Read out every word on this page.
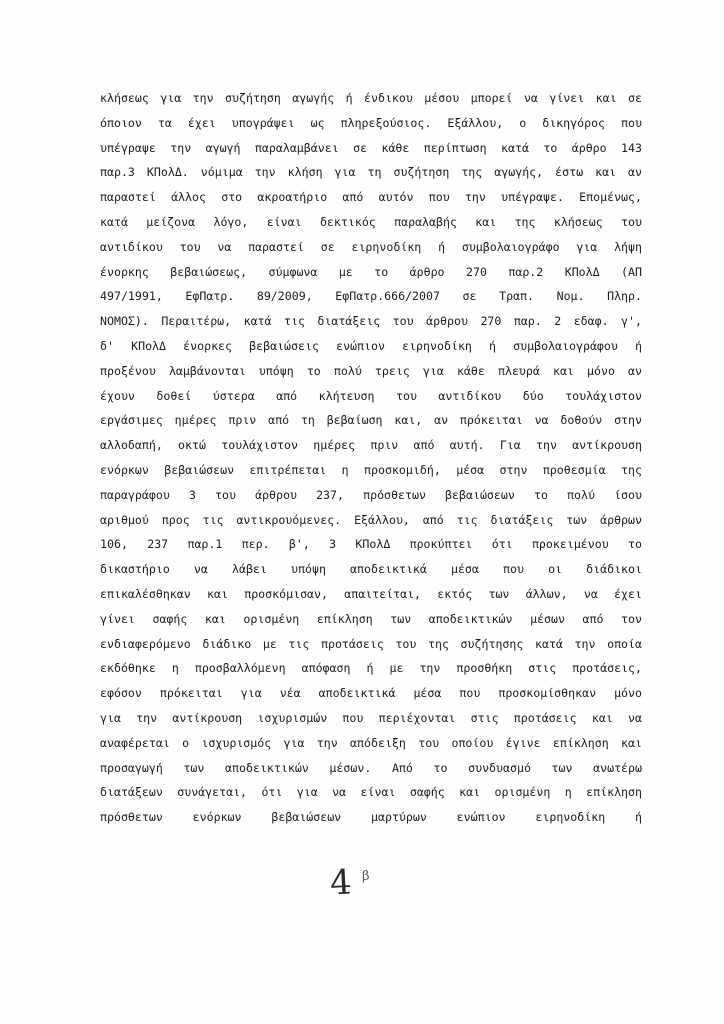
κλήσεως για την συζήτηση αγωγής ή ένδικου μέσου μπορεί να γίνει και σε
όποιον τα έχει υπογράψει ως πληρεξούσιος. Εξάλλου, ο δικηγόρος που
υπέγραψε την αγωγή παραλαμβάνει σε κάθε περίπτωση κατά το άρθρο 143
παρ.3 ΚΠολΔ. νόμιμα την κλήση για τη συζήτηση της αγωγής, έστω και αν
παραστεί άλλος στο ακροατήριο από αυτόν που την υπέγραψε. Επομένως,
κατά μείζονα λόγο, είναι δεκτικός παραλαβής και της κλήσεως του
αντιδίκου του να παραστεί σε ειρηνοδίκη ή συμβολαιογράφο για λήψη
ένορκης βεβαιώσεως, σύμφωνα με το άρθρο 270 παρ.2 ΚΠολΔ (ΑΠ
497/1991, ΕφΠατρ. 89/2009, ΕφΠατρ.666/2007 σε Τραπ. Νομ. Πληρ.
ΝΟΜΟΣ). Περαιτέρω, κατά τις διατάξεις του άρθρου 270 παρ. 2 εδαφ. γ',
δ' ΚΠολΔ ένορκες βεβαιώσεις ενώπιον ειρηνοδίκη ή συμβολαιογράφου ή
προξένου λαμβάνονται υπόψη το πολύ τρεις για κάθε πλευρά και μόνο αν
έχουν δοθεί ύστερα από κλήτευση του αντιδίκου δύο τουλάχιστον
εργάσιμες ημέρες πριν από τη βεβαίωση και, αν πρόκειται να δοθούν στην
αλλοδαπή, οκτώ τουλάχιστον ημέρες πριν από αυτή. Για την αντίκρουση
ενόρκων βεβαιώσεων επιτρέπεται η προσκομιδή, μέσα στην προθεσμία της
παραγράφου 3 του άρθρου 237, πρόσθετων βεβαιώσεων το πολύ ίσου
αριθμού προς τις αντικρουόμενες. Εξάλλου, από τις διατάξεις των άρθρων
106, 237 παρ.1 περ. β', 3 ΚΠολΔ προκύπτει ότι προκειμένου το
δικαστήριο να λάβει υπόψη αποδεικτικά μέσα που οι διάδικοι
επικαλέσθηκαν και προσκόμισαν, απαιτείται, εκτός των άλλων, να έχει
γίνει σαφής και ορισμένη επίκληση των αποδεικτικών μέσων από τον
ενδιαφερόμενο διάδικο με τις προτάσεις του της συζήτησης κατά την οποία
εκδόθηκε η προσβαλλόμενη απόφαση ή με την προσθήκη στις προτάσεις,
εφόσον πρόκειται για νέα αποδεικτικά μέσα που προσκομίσθηκαν μόνο
για την αντίκρουση ισχυρισμών που περιέχονται στις προτάσεις και να
αναφέρεται ο ισχυρισμός για την απόδειξη του οποίου έγινε επίκληση και
προσαγωγή των αποδεικτικών μέσων. Από το συνδυασμό των ανωτέρω
διατάξεων συνάγεται, ότι για να είναι σαφής και ορισμένη η επίκληση
πρόσθετων ενόρκων βεβαιώσεων μαρτύρων ενώπιον ειρηνοδίκη ή
4 β
